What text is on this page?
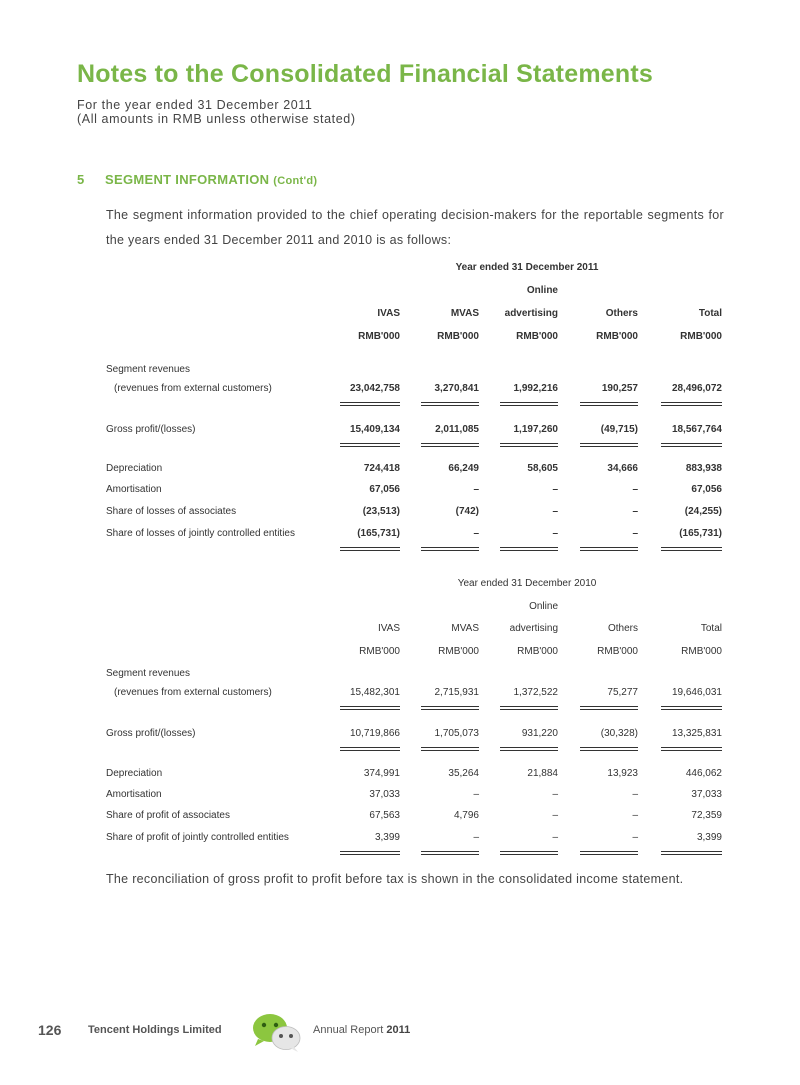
Notes to the Consolidated Financial Statements
For the year ended 31 December 2011
(All amounts in RMB unless otherwise stated)
5 SEGMENT INFORMATION (Cont'd)
The segment information provided to the chief operating decision-makers for the reportable segments for the years ended 31 December 2011 and 2010 is as follows:
Year ended 31 December 2011
Online
IVAS	MVAS	advertising	Others	Total
RMB'000	RMB'000	RMB'000	RMB'000	RMB'000
Segment revenues
(revenues from external customers)	23,042,758	3,270,841	1,992,216	190,257	28,496,072
Gross profit/(losses)	15,409,134	2,011,085	1,197,260	(49,715)	18,567,764
Depreciation	724,418	66,249	58,605	34,666	883,938
Amortisation	67,056	–	–	–	67,056
Share of losses of associates	(23,513)	(742)	–	–	(24,255)
Share of losses of jointly controlled entities	(165,731)	–	–	–	(165,731)
Year ended 31 December 2010
Online
IVAS	MVAS	advertising	Others	Total
RMB'000	RMB'000	RMB'000	RMB'000	RMB'000
Segment revenues
(revenues from external customers)	15,482,301	2,715,931	1,372,522	75,277	19,646,031
Gross profit/(losses)	10,719,866	1,705,073	931,220	(30,328)	13,325,831
Depreciation	374,991	35,264	21,884	13,923	446,062
Amortisation	37,033	–	–	–	37,033
Share of profit of associates	67,563	4,796	–	–	72,359
Share of profit of jointly controlled entities	3,399	–	–	–	3,399
The reconciliation of gross profit to profit before tax is shown in the consolidated income statement.
126 Tencent Holdings Limited	Annual Report 2011
